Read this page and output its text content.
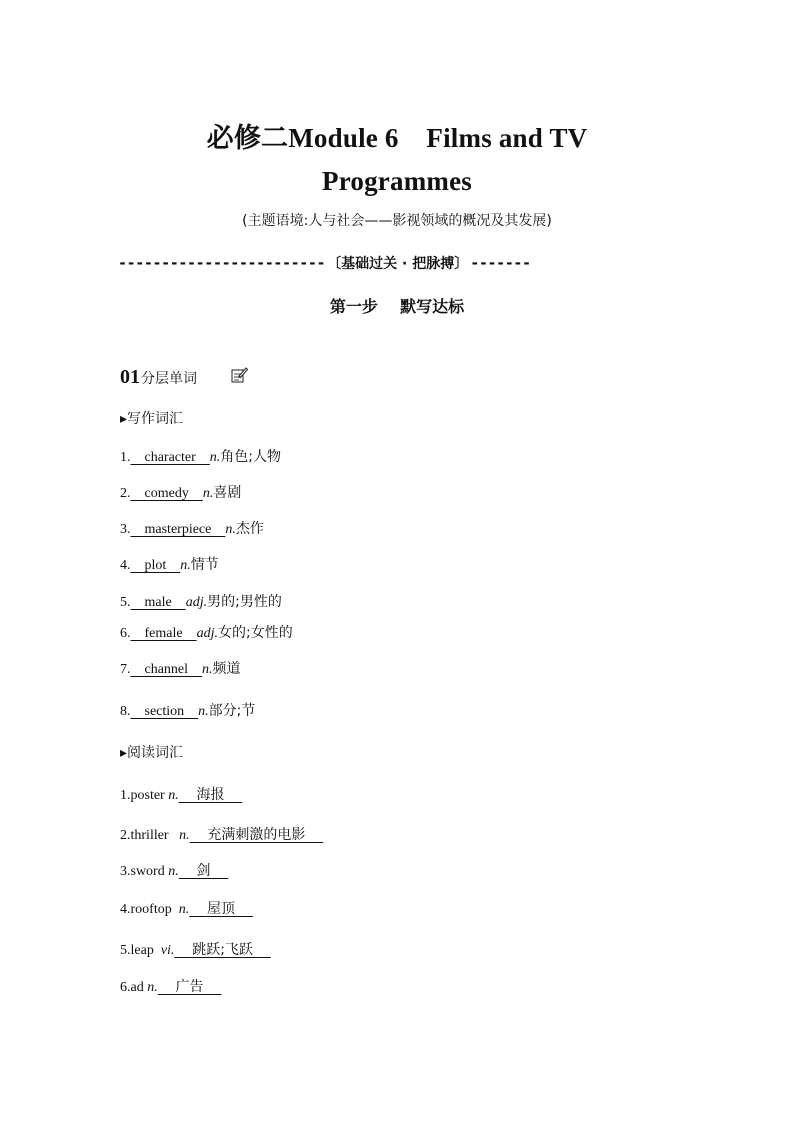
必修二Module 6    Films and TV
Programmes
(主题语境:人与社会——影视领域的概况及其发展)
------------------------ 〔基础过关 · 把脉搏〕 -------
第一步    默写达标
01 分层单词
▸写作词汇
1.    character    n.角色;人物
2.    comedy    n.喜剧
3.    masterpiece    n.杰作
4.    plot    n.情节
5.    male    adj.男的;男性的
6.    female    adj.女的;女性的
7.    channel    n.频道
8.    section    n.部分;节
▸阅读词汇
1.poster n.    海报
2.thriller   n.    充满刺激的电影
3.sword n.    剑
4.rooftop  n.    屋顶
5.leap  vi.    跳跃;飞跃
6.ad n.    广告
